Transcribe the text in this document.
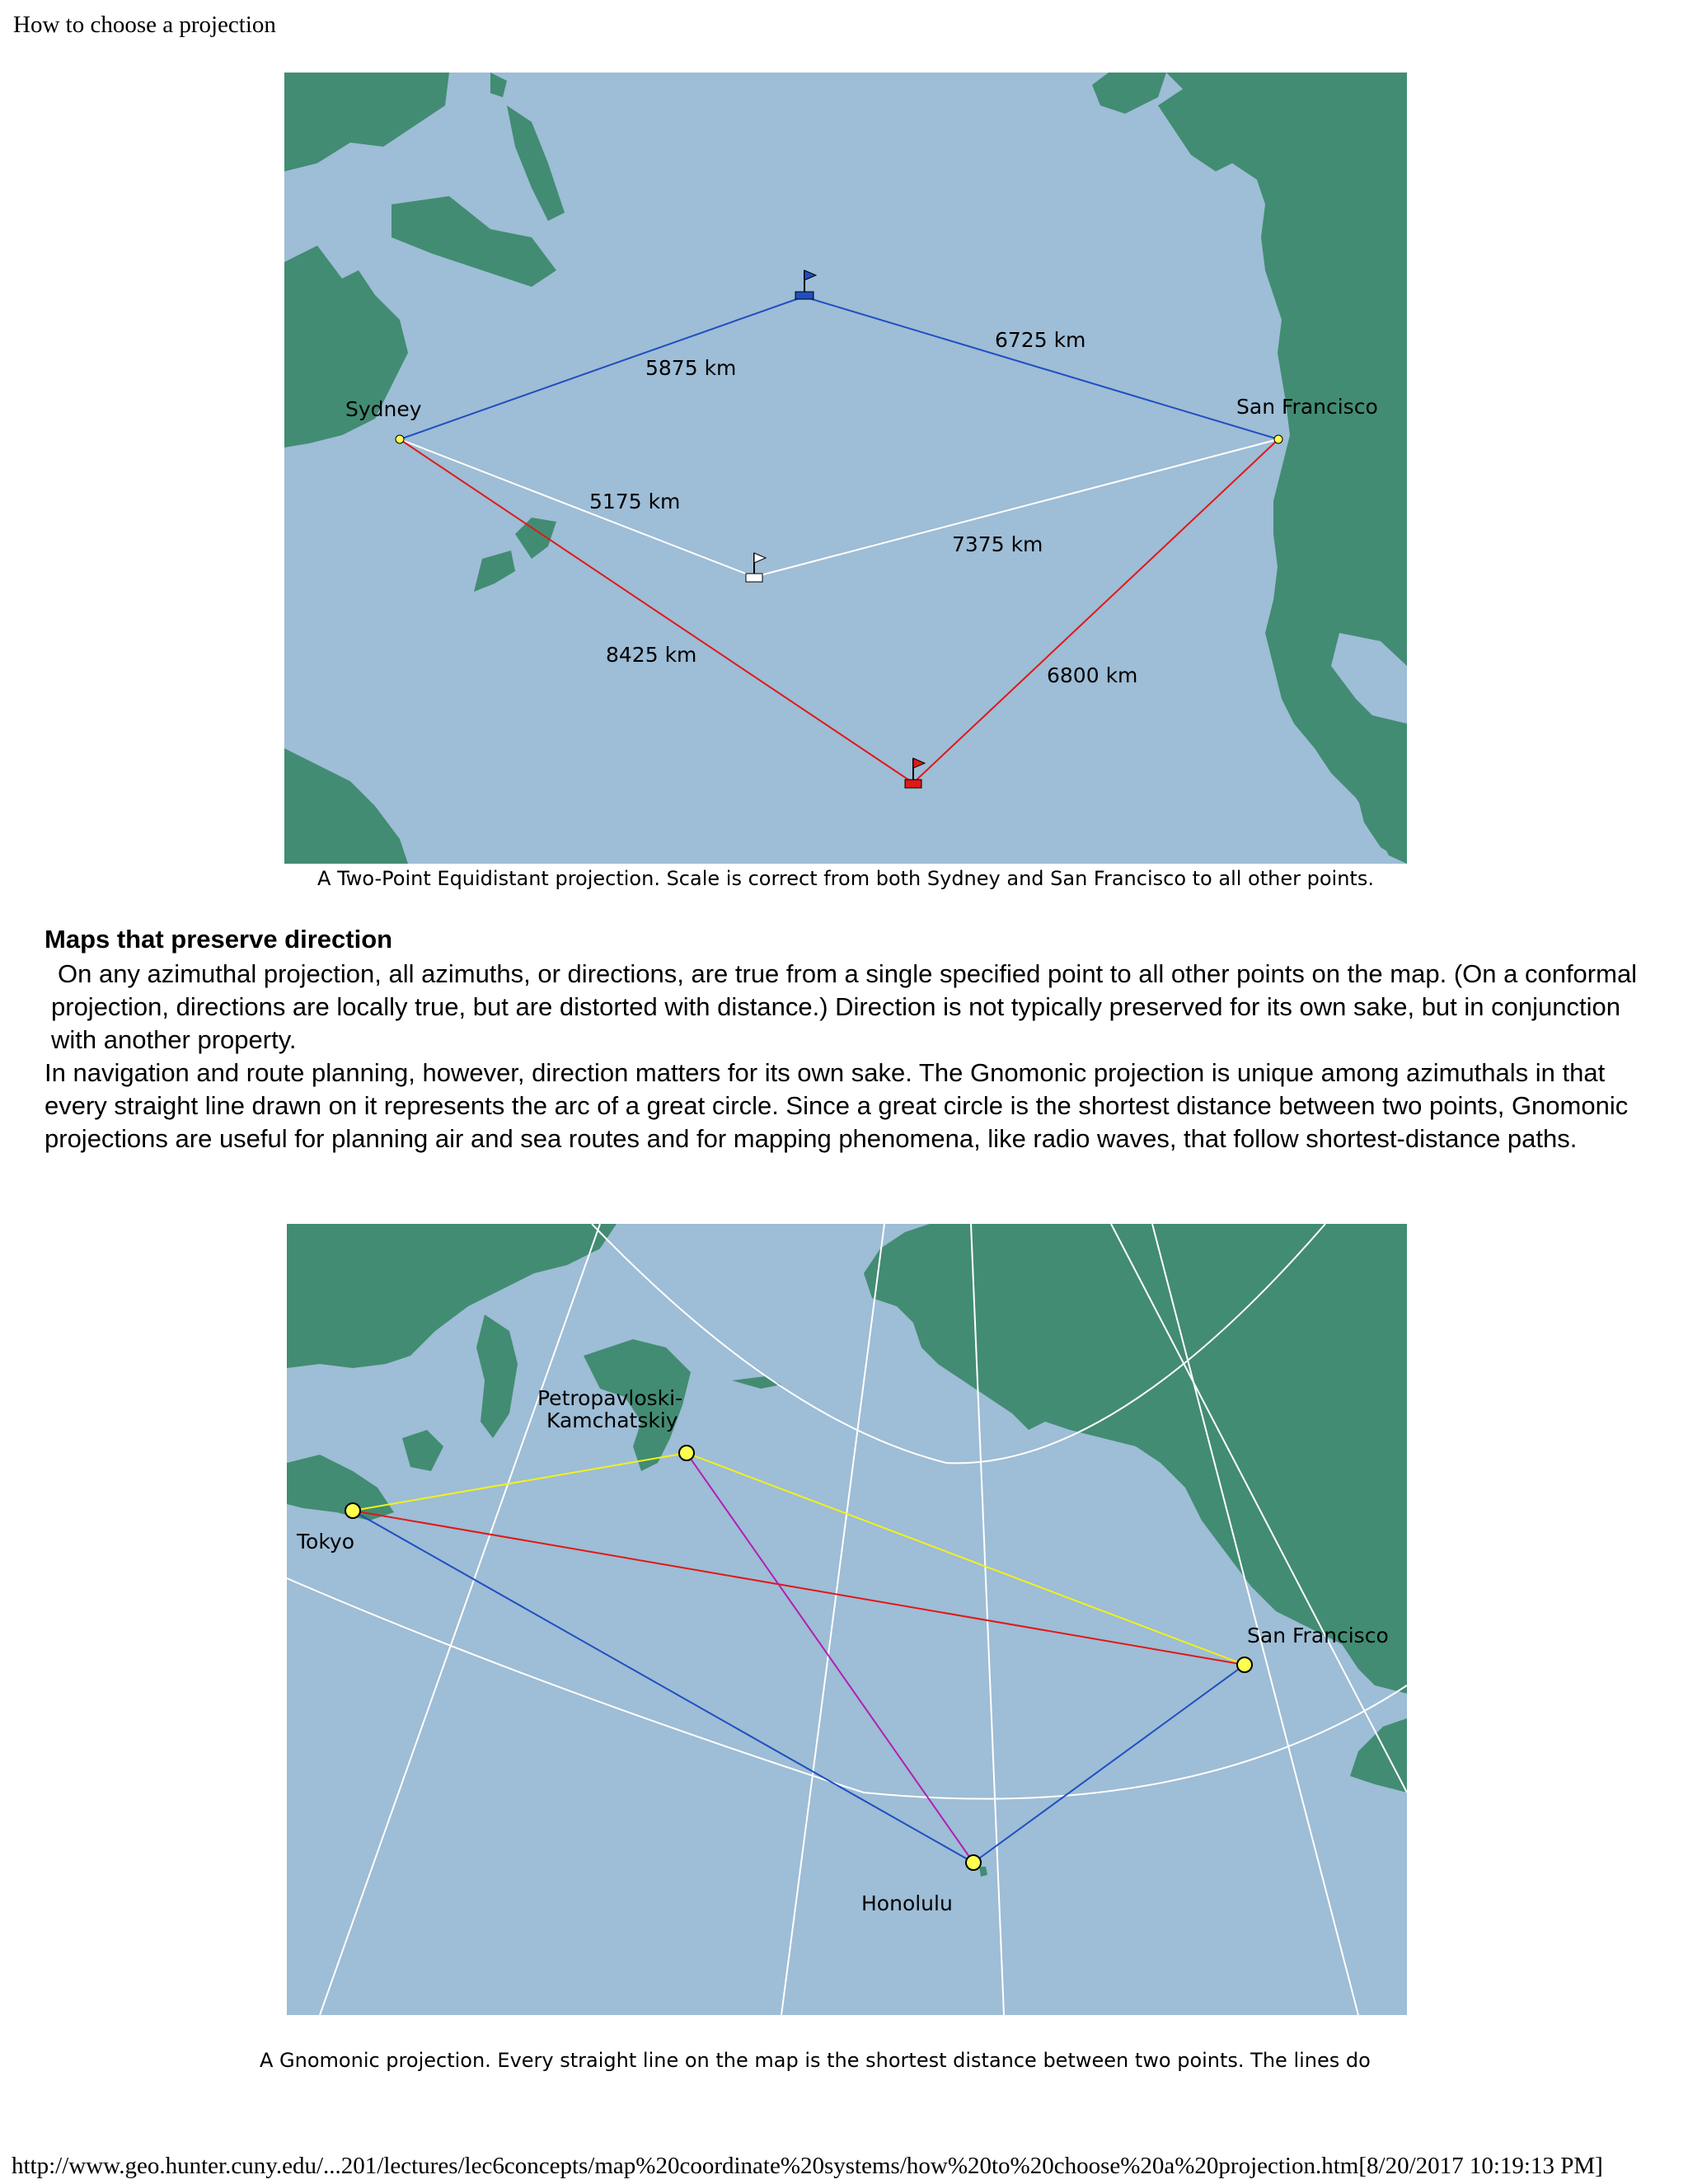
How to choose a projection
Sydney	San Francisco
5875 km
6725 km
5175 km
7375 km
8425 km
6800 km
A Two-Point Equidistant projection. Scale is correct from both Sydney and San Francisco to all other points.
Maps that preserve direction

On any azimuthal projection, all azimuths, or directions, are true from a single specified point to all other points on the map. (On a conformal projection, directions are locally true, but are distorted with distance.) Direction is not typically preserved for its own sake, but in conjunction with another property.

In navigation and route planning, however, direction matters for its own sake. The Gnomonic projection is unique among azimuthals in that every straight line drawn on it represents the arc of a great circle. Since a great circle is the shortest distance between two points, Gnomonic projections are useful for planning air and sea routes and for mapping phenomena, like radio waves, that follow shortest-distance paths.

Petropavloski-
Kamchatskiy
Tokyo
San Francisco
Honolulu
A Gnomonic projection. Every straight line on the map is the shortest distance between two points. The lines do
http://www.geo.hunter.cuny.edu/...201/lectures/lec6concepts/map%20coordinate%20systems/how%20to%20choose%20a%20projection.htm[8/20/2017 10:19:13 PM]
